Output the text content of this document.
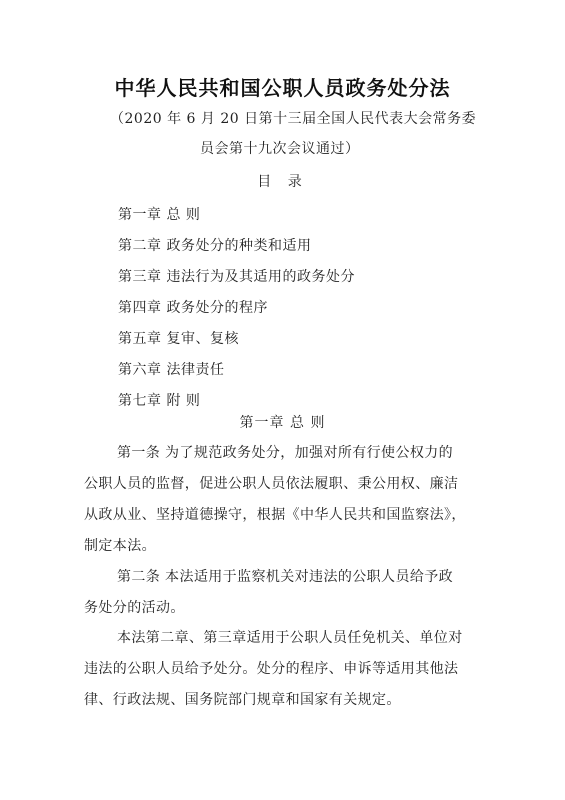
中华人民共和国公职人员政务处分法
（2020 年 6 月 20 日第十三届全国人民代表大会常务委
员会第十九次会议通过）
目 录
第一章 总 则
第二章 政务处分的种类和适用
第三章 违法行为及其适用的政务处分
第四章 政务处分的程序
第五章 复审、复核
第六章 法律责任
第七章 附 则
第一章 总 则
第一条 为了规范政务处分，加强对所有行使公权力的
公职人员的监督，促进公职人员依法履职、秉公用权、廉洁
从政从业、坚持道德操守，根据《中华人民共和国监察法》，
制定本法。
第二条 本法适用于监察机关对违法的公职人员给予政
务处分的活动。
本法第二章、第三章适用于公职人员任免机关、单位对
违法的公职人员给予处分。处分的程序、申诉等适用其他法
律、行政法规、国务院部门规章和国家有关规定。
